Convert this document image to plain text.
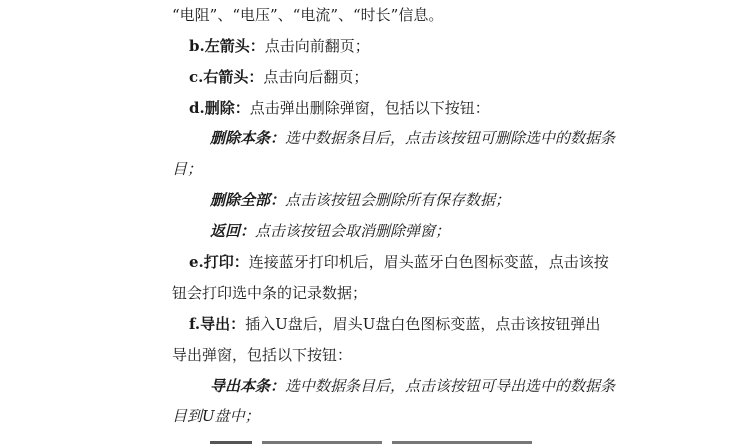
“电阻”、“电压”、“电流”、“时长”信息。
b.左箭头：点击向前翻页；
c.右箭头：点击向后翻页；
d.删除：点击弹出删除弹窗，包括以下按钮：
删除本条：选中数据条目后，点击该按钮可删除选中的数据条
目；
删除全部：点击该按钮会删除所有保存数据；
返回：点击该按钮会取消删除弹窗；
e.打印：连接蓝牙打印机后，眉头蓝牙白色图标变蓝，点击该按
钮会打印选中条的记录数据；
f.导出：插入U盘后，眉头U盘白色图标变蓝，点击该按钮弹出
导出弹窗，包括以下按钮：
导出本条：选中数据条目后，点击该按钮可导出选中的数据条
目到U盘中；
